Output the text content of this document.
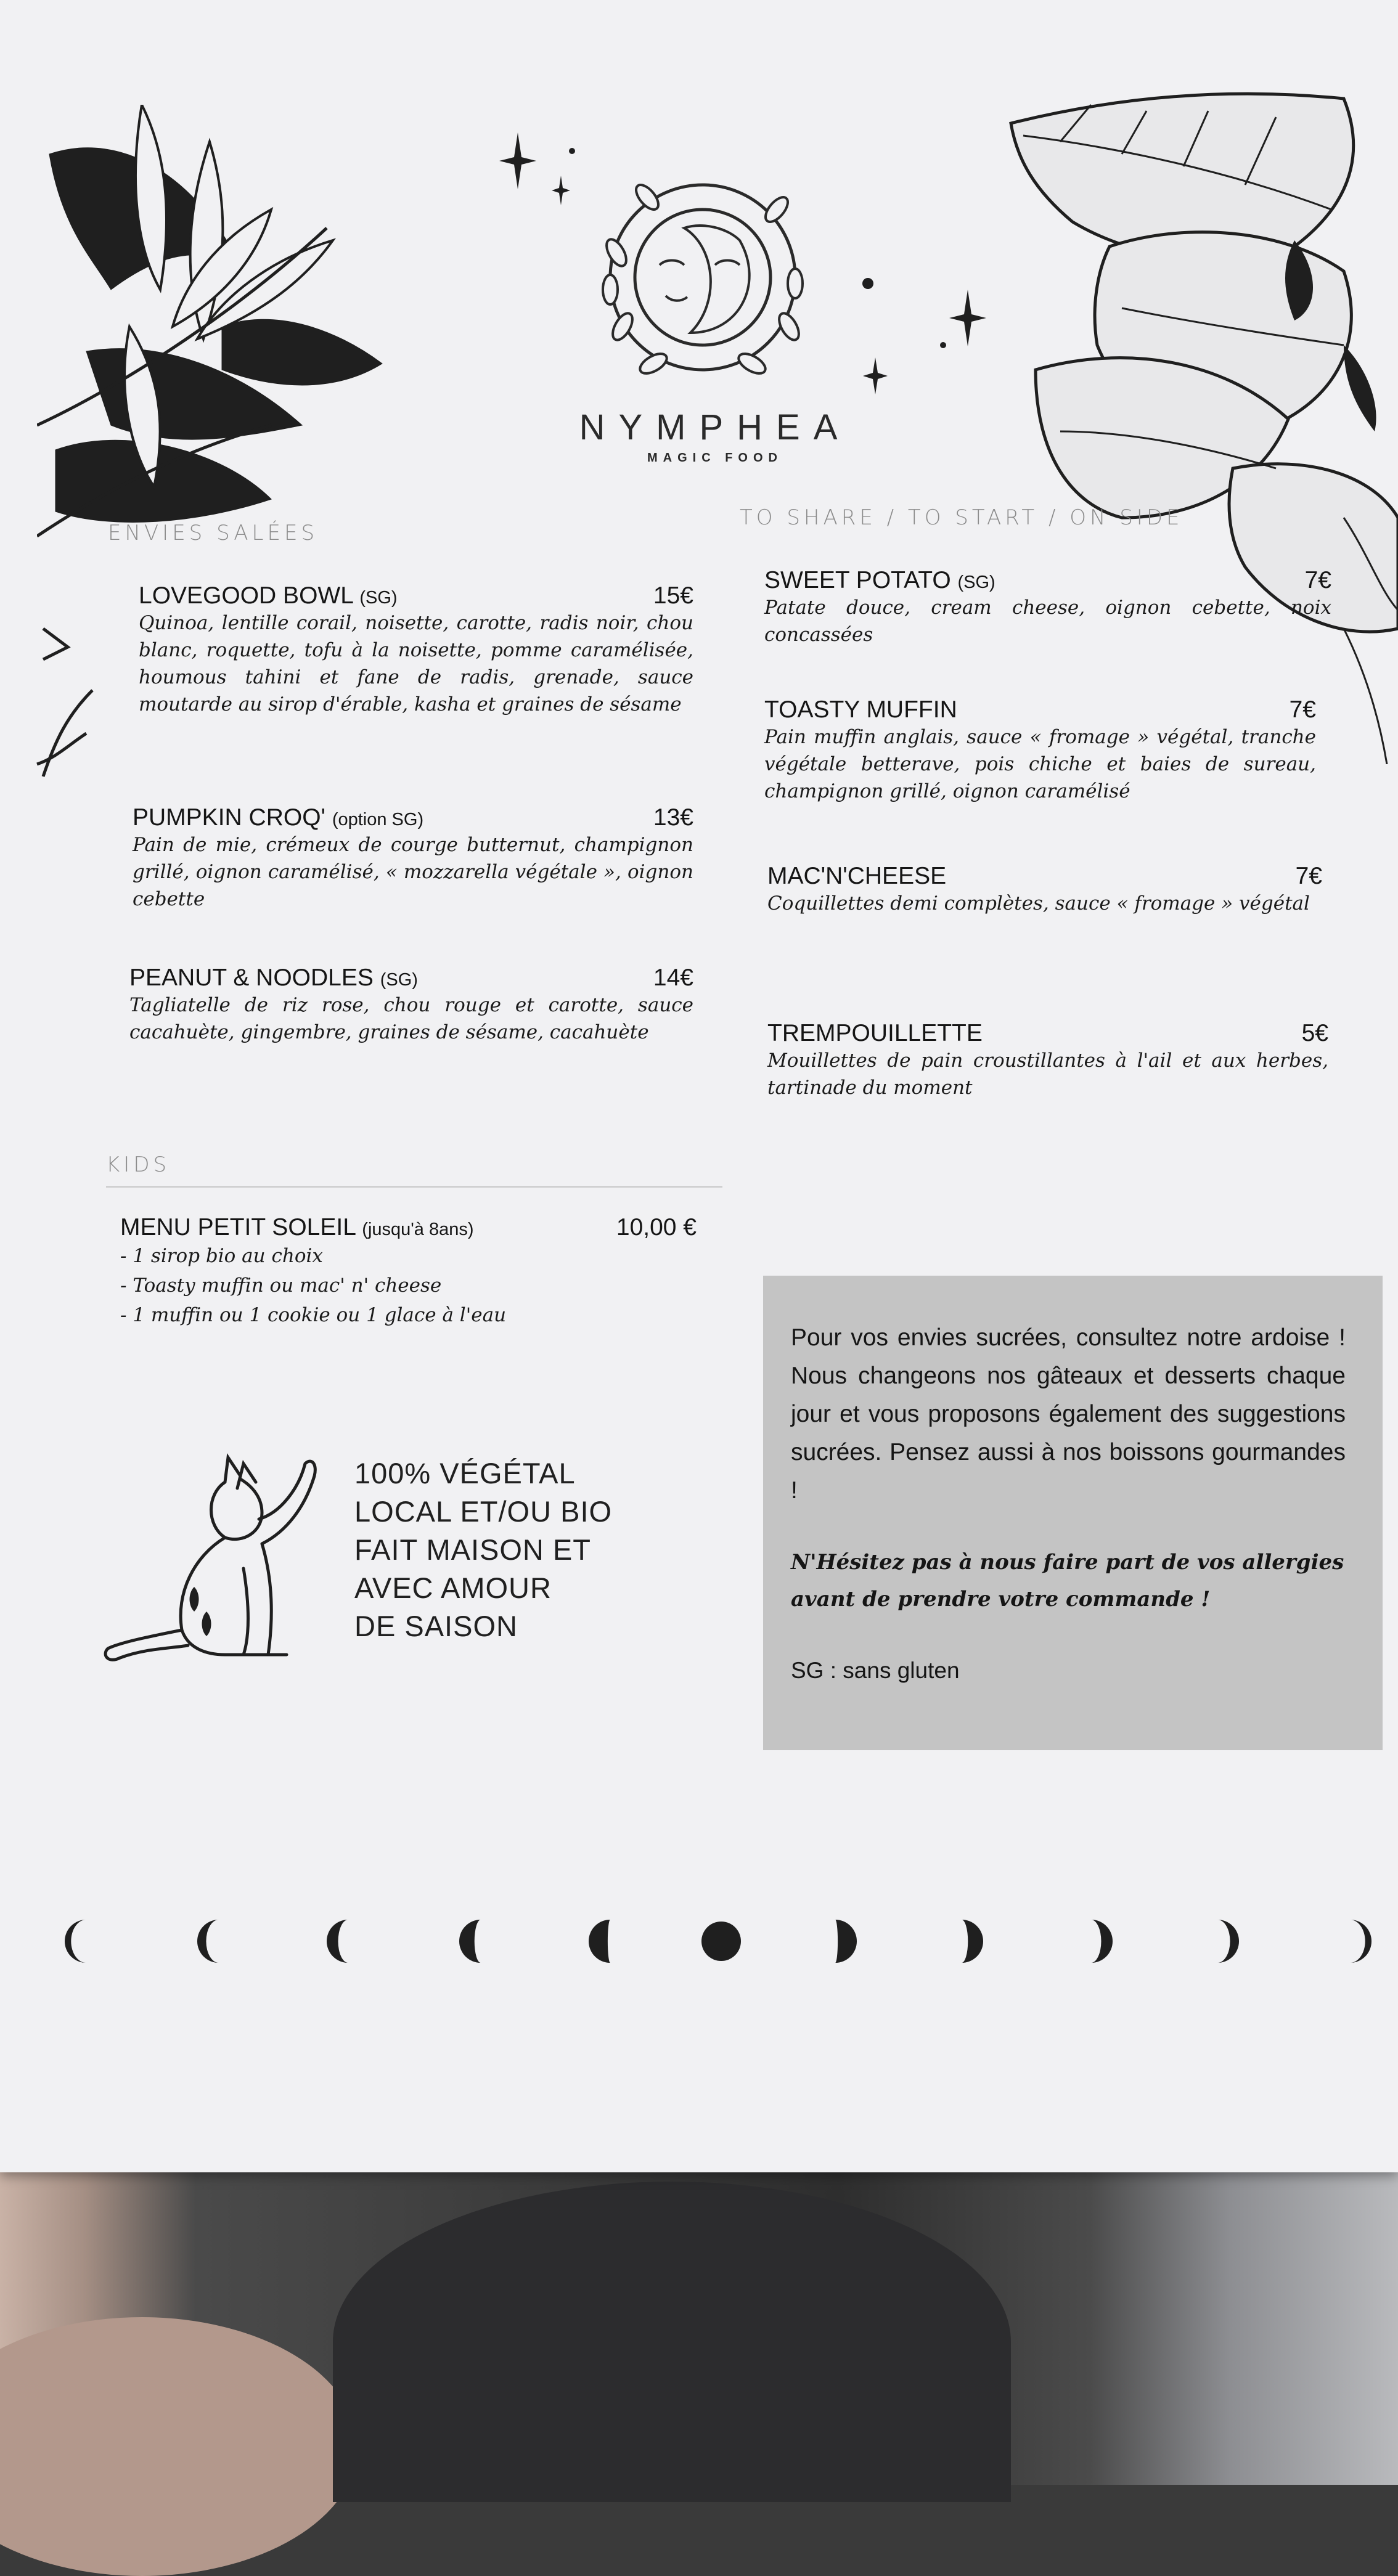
NYMPHEA
MAGIC FOOD
ENVIES SALÉES
LOVEGOOD BOWL (SG)	15€
Quinoa, lentille corail, noisette, carotte, radis noir, chou blanc, roquette, tofu à la noisette, pomme caramélisée, houmous tahini et fane de radis, grenade, sauce moutarde au sirop d'érable, kasha et graines de sésame
PUMPKIN CROQ' (option SG)	13€
Pain de mie, crémeux de courge butternut, champignon grillé, oignon caramélisé, « mozzarella végétale », oignon cebette
PEANUT & NOODLES (SG)	14€
Tagliatelle de riz rose, chou rouge et carotte, sauce cacahuète, gingembre, graines de sésame, cacahuète
TO SHARE / TO START / ON SIDE
SWEET POTATO (SG)	7€
Patate douce, cream cheese, oignon cebette, noix concassées
TOASTY MUFFIN	7€
Pain muffin anglais, sauce « fromage » végétal, tranche végétale betterave, pois chiche et baies de sureau, champignon grillé, oignon caramélisé
MAC'N'CHEESE	7€
Coquillettes demi complètes, sauce « fromage » végétal
TREMPOUILLETTE	5€
Mouillettes de pain croustillantes à l'ail et aux herbes, tartinade du moment
KIDS
MENU PETIT SOLEIL (jusqu'à 8ans)	10,00 €
- 1 sirop bio au choix
- Toasty muffin ou mac' n' cheese
- 1 muffin ou 1 cookie ou 1 glace à l'eau
100% VÉGÉTAL
LOCAL ET/OU BIO
FAIT MAISON ET
AVEC AMOUR
DE SAISON
Pour vos envies sucrées, consultez notre ardoise ! Nous changeons nos gâteaux et desserts chaque jour et vous proposons également des suggestions sucrées. Pensez aussi à nos boissons gourmandes !
N'Hésitez pas à nous faire part de vos allergies avant de prendre votre commande !
SG : sans gluten
